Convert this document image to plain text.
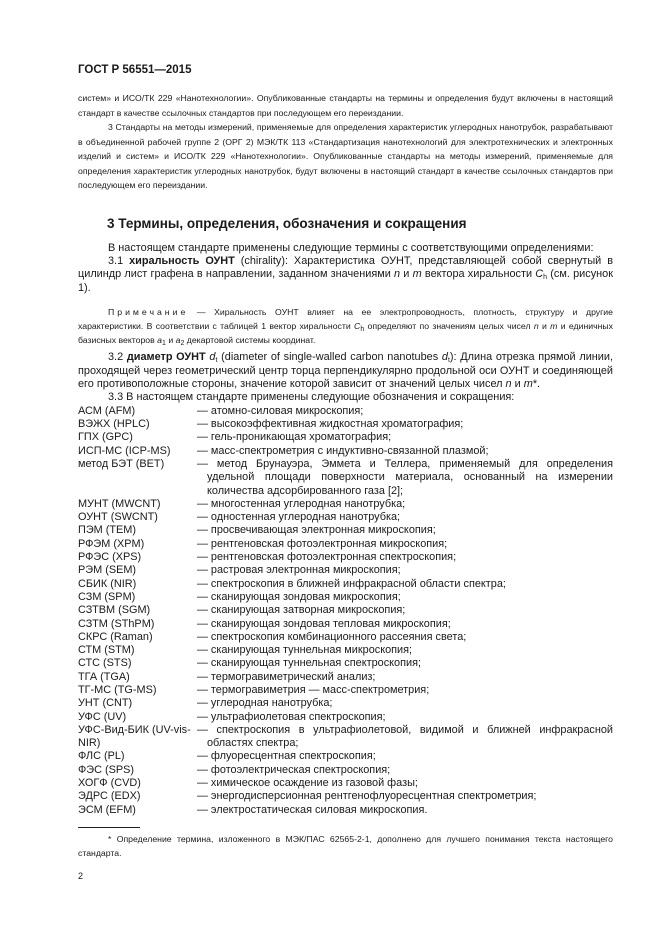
ГОСТ Р 56551—2015
систем» и ИСО/ТК 229 «Нанотехнологии». Опубликованные стандарты на термины и определения будут включены в настоящий стандарт в качестве ссылочных стандартов при последующем его переиздании.
3 Стандарты на методы измерений, применяемые для определения характеристик углеродных нанотрубок, разрабатывают в объединенной рабочей группе 2 (ОРГ 2) МЭК/ТК 113 «Стандартизация нанотехнологий для электротехнических и электронных изделий и систем» и ИСО/ТК 229 «Нанотехнологии». Опубликованные стандарты на методы измерений, применяемые для определения характеристик углеродных нанотрубок, будут включены в настоящий стандарт в качестве ссылочных стандартов при последующем его переиздании.
3 Термины, определения, обозначения и сокращения
В настоящем стандарте применены следующие термины с соответствующими определениями:
3.1 хиральность ОУНТ (chirality): Характеристика ОУНТ, представляющей собой свернутый в цилиндр лист графена в направлении, заданном значениями n и m вектора хиральности $C_h$ (см. рисунок 1).
Примечание — Хиральность ОУНТ влияет на ее электропроводность, плотность, структуру и другие характеристики. В соответствии с таблицей 1 вектор хиральности $C_h$ определяют по значениям целых чисел n и m и единичных базисных векторов $a_1$ и $a_2$ декартовой системы координат.
3.2 диаметр ОУНТ $d_t$ (diameter of single-walled carbon nanotubes $d_t$): Длина отрезка прямой линии, проходящей через геометрический центр торца перпендикулярно продольной оси ОУНТ и соединяющей его противоположные стороны, значение которой зависит от значений целых чисел n и m*.
3.3 В настоящем стандарте применены следующие обозначения и сокращения:
АСМ (AFM)	— атомно-силовая микроскопия;
ВЭЖХ (HPLC)	— высокоэффективная жидкостная хроматография;
ГПХ (GPC)	— гель-проникающая хроматография;
ИСП-МС (ICP-MS)	— масс-спектрометрия с индуктивно-связанной плазмой;
метод БЭТ (BET)	— метод Брунауэра, Эммета и Теллера, применяемый для определения удельной площади поверхности материала, основанный на измерении количества адсорбированного газа [2];
МУНТ (MWCNT)	— многостенная углеродная нанотрубка;
ОУНТ (SWCNT)	— одностенная углеродная нанотрубка;
ПЭМ (TEM)	— просвечивающая электронная микроскопия;
РФЭМ (XPM)	— рентгеновская фотоэлектронная микроскопия;
РФЭС (XPS)	— рентгеновская фотоэлектронная спектроскопия;
РЭМ (SEM)	— растровая электронная микроскопия;
СБИК (NIR)	— спектроскопия в ближней инфракрасной области спектра;
СЗМ (SPM)	— сканирующая зондовая микроскопия;
СЗТВМ (SGM)	— сканирующая затворная микроскопия;
СЗТМ (SThPM)	— сканирующая зондовая тепловая микроскопия;
СКРС (Raman)	— спектроскопия комбинационного рассеяния света;
СТМ (STM)	— сканирующая туннельная микроскопия;
СТС (STS)	— сканирующая туннельная спектроскопия;
ТГА (TGA)	— термогравиметрический анализ;
ТГ-МС (TG-MS)	— термогравиметрия — масс-спектрометрия;
УНТ (CNT)	— углеродная нанотрубка;
УФС (UV)	— ультрафиолетовая спектроскопия;
УФС-Вид-БИК (UV-vis-NIR)
— спектроскопия в ультрафиолетовой, видимой и ближней инфракрасной областях спектра;
ФЛС (PL)	— флуоресцентная спектроскопия;
ФЭС (SPS)	— фотоэлектрическая спектроскопия;
ХОГФ (CVD)	— химическое осаждение из газовой фазы;
ЭДРС (EDX)	— энергодисперсионная рентгенофлуоресцентная спектрометрия;
ЭСМ (EFM)	— электростатическая силовая микроскопия.
* Определение термина, изложенного в МЭК/ПАС 62565-2-1, дополнено для лучшего понимания текста настоящего стандарта.
2
